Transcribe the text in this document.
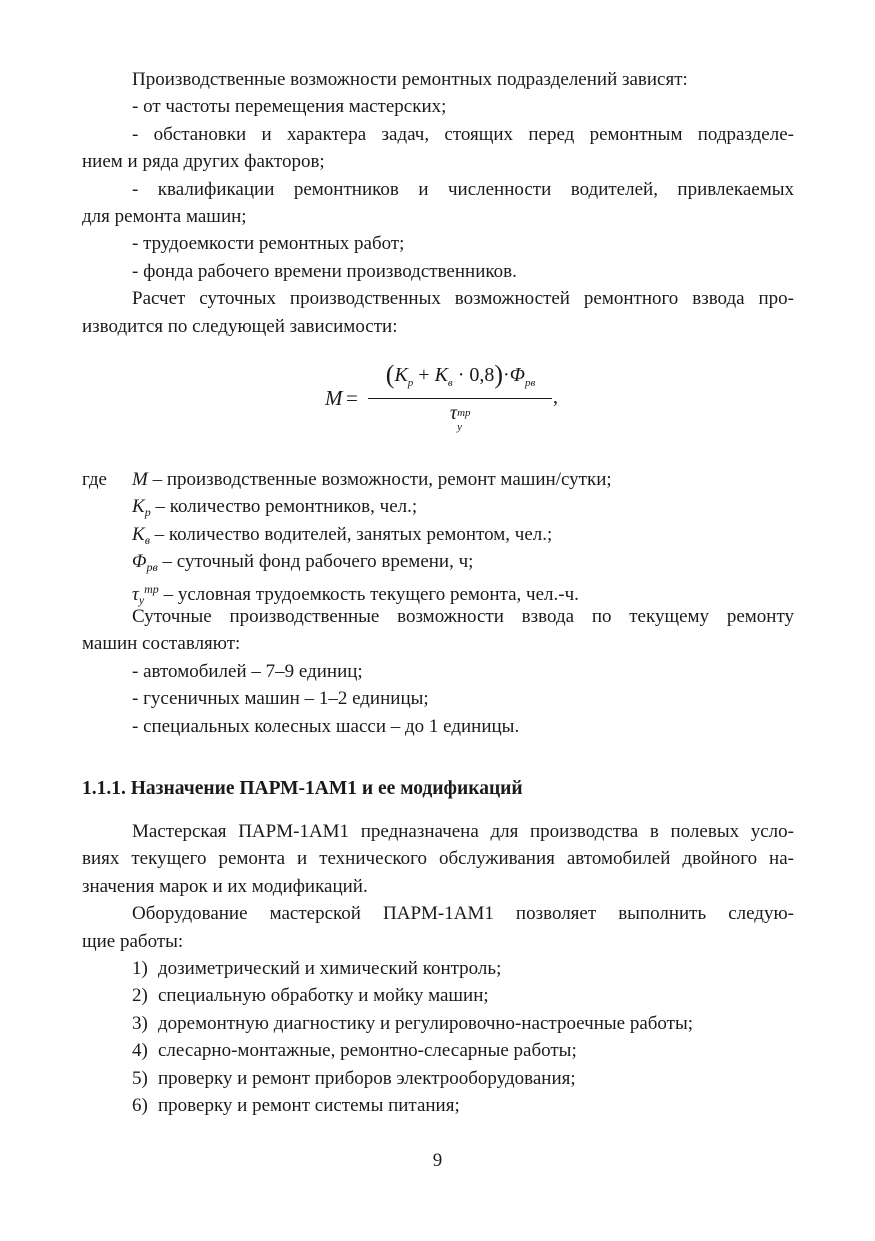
Производственные возможности ремонтных подразделений зависят:
- от частоты перемещения мастерских;
- обстановки и характера задач, стоящих перед ремонтным подразделе-
нием и ряда других факторов;
- квалификации ремонтников и численности водителей, привлекаемых
для ремонта машин;
- трудоемкости ремонтных работ;
- фонда рабочего времени производственников.
Расчет суточных производственных возможностей ремонтного взвода про-
изводится по следующей зависимости:
M =
$(K_р + K_в \cdot 0,8)\cdot\Phi_{рв}$
τ тр
у
,
где M – производственные возможности, ремонт машин/сутки;
$K_р$ – количество ремонтников, чел.;
$K_в$ – количество водителей, занятых ремонтом, чел.;
$\Phi_{рв}$ – суточный фонд рабочего времени, ч;
$\tau_у^{тр}$ – условная трудоемкость текущего ремонта, чел.-ч.
Суточные производственные возможности взвода по текущему ремонту
машин составляют:
- автомобилей – 7–9 единиц;
- гусеничных машин – 1–2 единицы;
- специальных колесных шасси – до 1 единицы.
1.1.1. Назначение ПАРМ-1АМ1 и ее модификаций
Мастерская ПАРМ-1АМ1 предназначена для производства в полевых усло-
виях текущего ремонта и технического обслуживания автомобилей двойного на-
значения марок и их модификаций.
Оборудование мастерской ПАРМ-1АМ1 позволяет выполнить следую-
щие работы:
1) дозиметрический и химический контроль;
2) специальную обработку и мойку машин;
3) доремонтную диагностику и регулировочно-настроечные работы;
4) слесарно-монтажные, ремонтно-слесарные работы;
5) проверку и ремонт приборов электрооборудования;
6) проверку и ремонт системы питания;
9
